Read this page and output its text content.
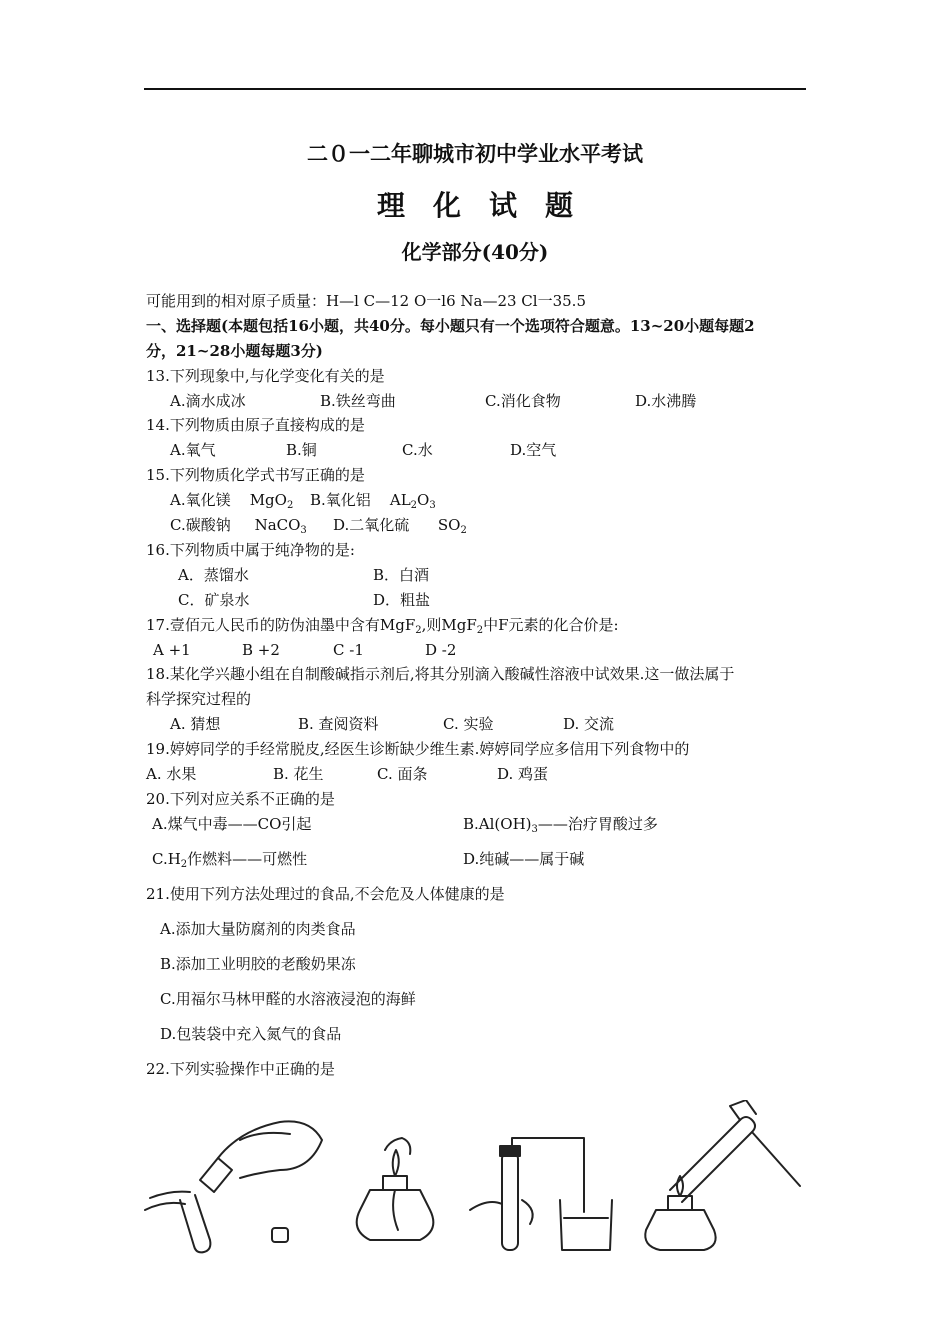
二０一二年聊城市初中学业水平考试
理化试题
化学部分(40分)
可能用到的相对原子质量：H—l C—12 O一l6 Na—23 Cl一35.5
一、选择题(本题包括16小题，共40分。每小题只有一个选项符合题意。13~20小题每题2
分，21~28小题每题3分)
13.下列现象中,与化学变化有关的是
A.滴水成冰	B.铁丝弯曲	C.消化食物	D.水沸腾
14.下列物质由原子直接构成的是
A.氧气	B.铜	C.水	D.空气
15.下列物质化学式书写正确的是
A.氧化镁 MgO$_2$ B.氧化铝 $AL_2O_3$
C.碳酸钠 NaCO$_3$ D.二氧化硫 $SO_2$
16.下列物质中属于纯净物的是:
A．蒸馏水	B．白酒
C．矿泉水	D．粗盐
17.壹佰元人民币的防伪油墨中含有MgF$_2$,则MgF$_2$中F元素的化合价是:
A +1	B +2	C -1	D -2
18.某化学兴趣小组在自制酸碱指示剂后,将其分别滴入酸碱性溶液中试效果.这一做法属于
科学探究过程的
A. 猜想	B. 查阅资料	C. 实验	D. 交流
19.婷婷同学的手经常脱皮,经医生诊断缺少维生素.婷婷同学应多信用下列食物中的
A. 水果	B. 花生	C. 面条	D. 鸡蛋
20.下列对应关系不正确的是
A.煤气中毒——CO引起	$B.Al(OH)_3——$治疗胃酸过多
$C.H_2$作燃料——可燃性	D.纯碱——属于碱
21.使用下列方法处理过的食品,不会危及人体健康的是
A.添加大量防腐剂的肉类食品
B.添加工业明胶的老酸奶果冻
C.用福尔马林甲醛的水溶液浸泡的海鲜
D.包装袋中充入氮气的食品
22.下列实验操作中正确的是
